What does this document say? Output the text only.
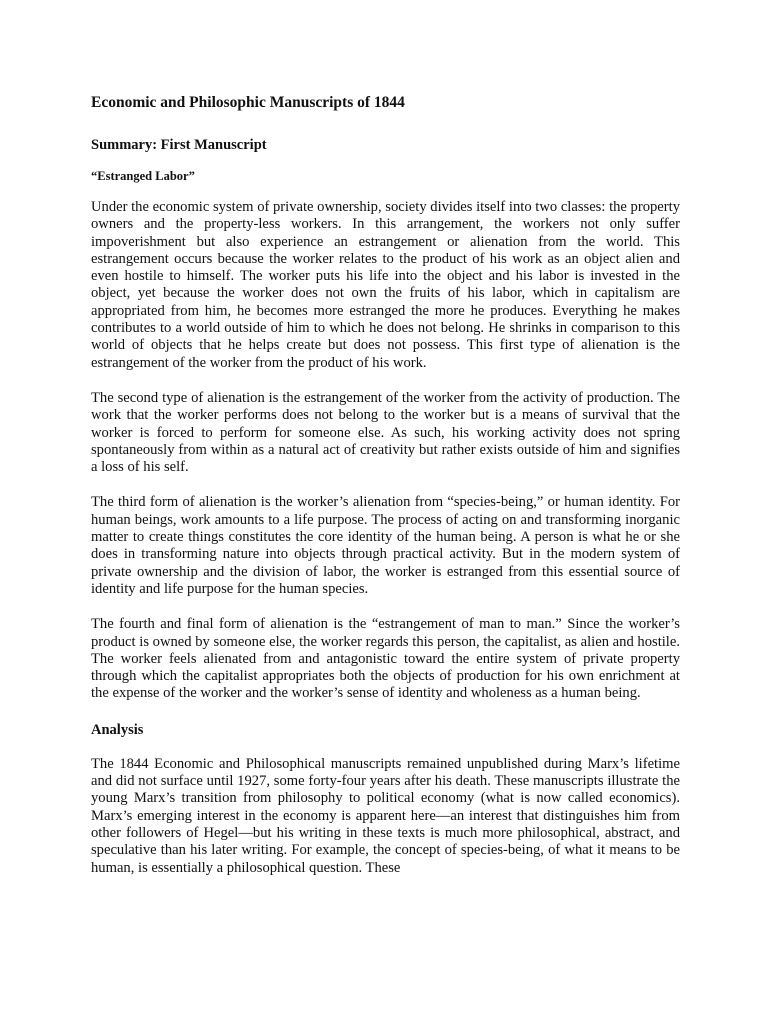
Economic and Philosophic Manuscripts of 1844
Summary: First Manuscript
“Estranged Labor”

Under the economic system of private ownership, society divides itself into two classes: the property owners and the property-less workers. In this arrangement, the workers not only suffer impoverishment but also experience an estrangement or alienation from the world. This estrangement occurs because the worker relates to the product of his work as an object alien and even hostile to himself. The worker puts his life into the object and his labor is invested in the object, yet because the worker does not own the fruits of his labor, which in capitalism are appropriated from him, he becomes more estranged the more he produces. Everything he makes contributes to a world outside of him to which he does not belong. He shrinks in comparison to this world of objects that he helps create but does not possess. This first type of alienation is the estrangement of the worker from the product of his work.

The second type of alienation is the estrangement of the worker from the activity of production. The work that the worker performs does not belong to the worker but is a means of survival that the worker is forced to perform for someone else. As such, his working activity does not spring spontaneously from within as a natural act of creativity but rather exists outside of him and signifies a loss of his self.

The third form of alienation is the worker’s alienation from “species-being,” or human identity. For human beings, work amounts to a life purpose. The process of acting on and transforming inorganic matter to create things constitutes the core identity of the human being. A person is what he or she does in transforming nature into objects through practical activity. But in the modern system of private ownership and the division of labor, the worker is estranged from this essential source of identity and life purpose for the human species.

The fourth and final form of alienation is the “estrangement of man to man.” Since the worker’s product is owned by someone else, the worker regards this person, the capitalist, as alien and hostile. The worker feels alienated from and antagonistic toward the entire system of private property through which the capitalist appropriates both the objects of production for his own enrichment at the expense of the worker and the worker’s sense of identity and wholeness as a human being.

Analysis

The 1844 Economic and Philosophical manuscripts remained unpublished during Marx’s lifetime and did not surface until 1927, some forty-four years after his death. These manuscripts illustrate the young Marx’s transition from philosophy to political economy (what is now called economics). Marx’s emerging interest in the economy is apparent here—an interest that distinguishes him from other followers of Hegel—but his writing in these texts is much more philosophical, abstract, and speculative than his later writing. For example, the concept of species-being, of what it means to be human, is essentially a philosophical question. These
